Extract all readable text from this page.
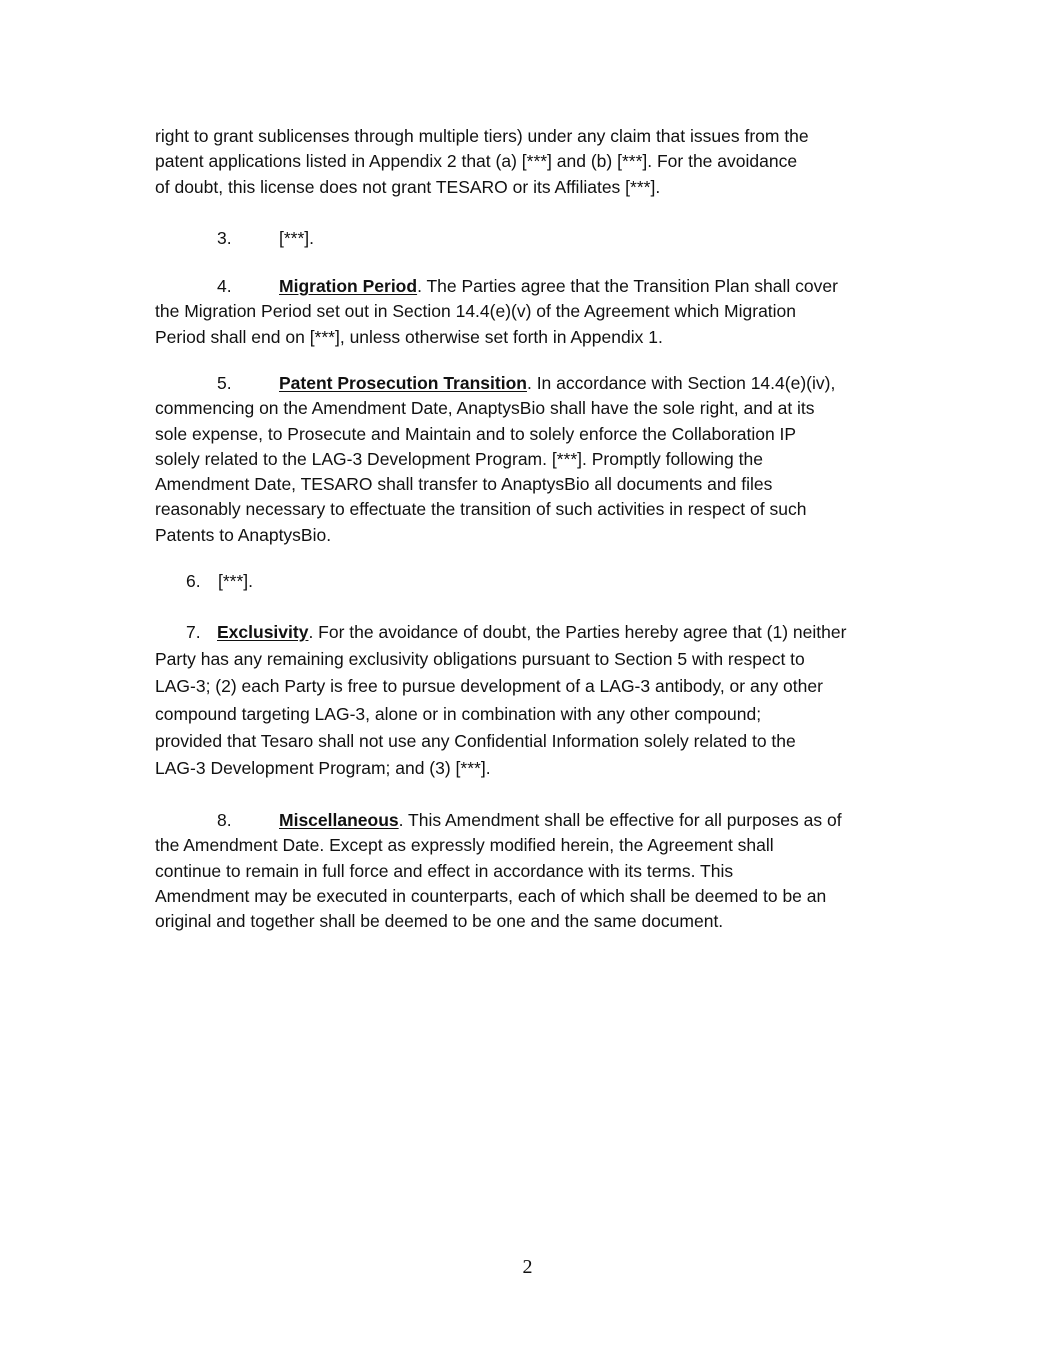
right to grant sublicenses through multiple tiers) under any claim that issues from the
patent applications listed in Appendix 2 that (a) [***] and (b) [***]. For the avoidance
of doubt, this license does not grant TESARO or its Affiliates [***].
3.	[***].
4.	Migration Period. The Parties agree that the Transition Plan shall cover
the Migration Period set out in Section 14.4(e)(v) of the Agreement which Migration
Period shall end on [***], unless otherwise set forth in Appendix 1.
5.	Patent Prosecution Transition. In accordance with Section 14.4(e)(iv),
commencing on the Amendment Date, AnaptysBio shall have the sole right, and at its
sole expense, to Prosecute and Maintain and to solely enforce the Collaboration IP
solely related to the LAG-3 Development Program. [***]. Promptly following the
Amendment Date, TESARO shall transfer to AnaptysBio all documents and files
reasonably necessary to effectuate the transition of such activities in respect of such
Patents to AnaptysBio.
6. [***].
7. Exclusivity. For the avoidance of doubt, the Parties hereby agree that (1) neither
Party has any remaining exclusivity obligations pursuant to Section 5 with respect to
LAG-3; (2) each Party is free to pursue development of a LAG-3 antibody, or any other
compound targeting LAG-3, alone or in combination with any other compound;
provided that Tesaro shall not use any Confidential Information solely related to the
LAG-3 Development Program; and (3) [***].
8.	Miscellaneous. This Amendment shall be effective for all purposes as of
the Amendment Date. Except as expressly modified herein, the Agreement shall
continue to remain in full force and effect in accordance with its terms. This
Amendment may be executed in counterparts, each of which shall be deemed to be an
original and together shall be deemed to be one and the same document.
2
